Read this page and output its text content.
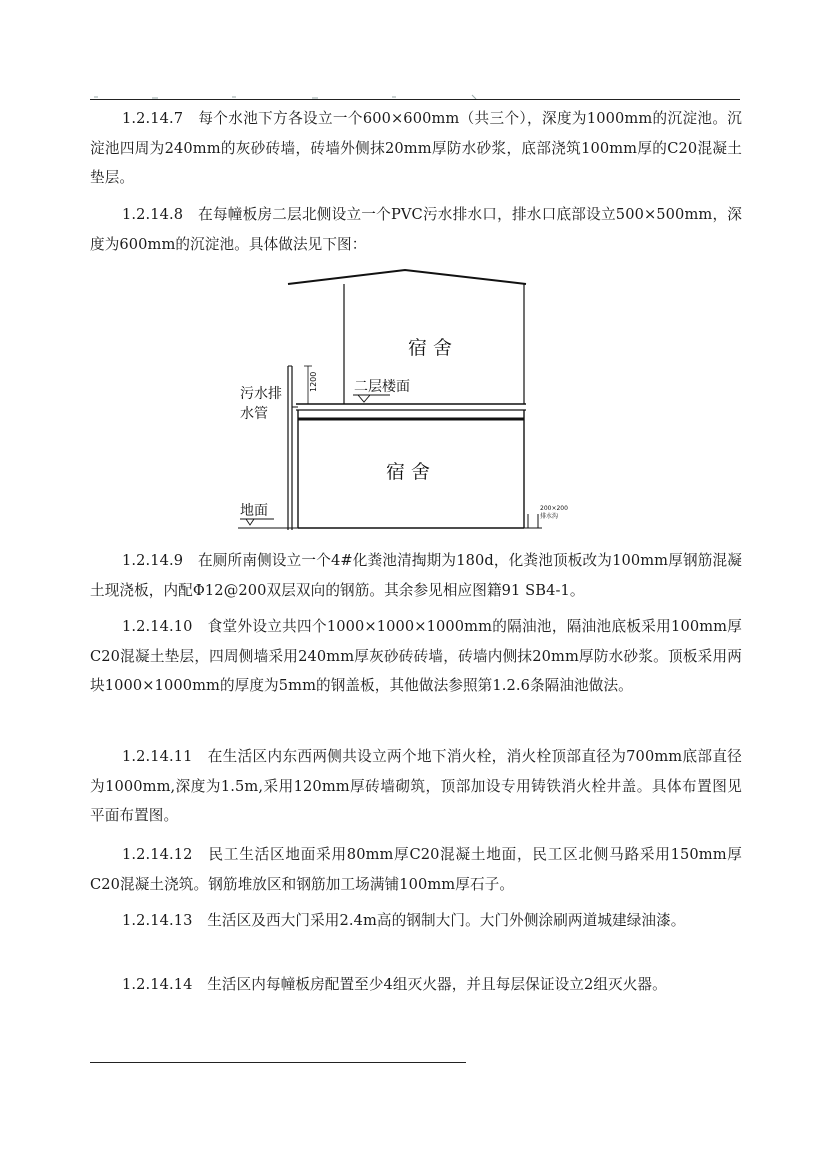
1.2.14.7　每个水池下方各设立一个600×600mm（共三个），深度为1000mm的沉淀池。沉淀池四周为240mm的灰砂砖墙，砖墙外侧抹20mm厚防水砂浆，底部浇筑100mm厚的C20混凝土垫层。

1.2.14.8　在每幢板房二层北侧设立一个PVC污水排水口，排水口底部设立500×500mm，深度为600mm的沉淀池。具体做法见下图：

1200
宿 舍
宿 舍
二层楼面
污水排
水管
地面	200×200
排水沟

1.2.14.9　在厕所南侧设立一个4#化粪池清掏期为180d，化粪池顶板改为100mm厚钢筋混凝土现浇板，内配Φ12@200双层双向的钢筋。其余参见相应图籍91 SB4-1。

1.2.14.10　食堂外设立共四个1000×1000×1000mm的隔油池，隔油池底板采用100mm厚C20混凝土垫层，四周侧墙采用240mm厚灰砂砖砖墙，砖墙内侧抹20mm厚防水砂浆。顶板采用两块1000×1000mm的厚度为5mm的钢盖板，其他做法参照第1.2.6条隔油池做法。

1.2.14.11　在生活区内东西两侧共设立两个地下消火栓，消火栓顶部直径为700mm底部直径为1000mm,深度为1.5m,采用120mm厚砖墙砌筑，顶部加设专用铸铁消火栓井盖。具体布置图见平面布置图。

1.2.14.12　民工生活区地面采用80mm厚C20混凝土地面，民工区北侧马路采用150mm厚C20混凝土浇筑。钢筋堆放区和钢筋加工场满铺100mm厚石子。

1.2.14.13　生活区及西大门采用2.4m高的钢制大门。大门外侧涂刷两道城建绿油漆。

1.2.14.14　生活区内每幢板房配置至少4组灭火器，并且每层保证设立2组灭火器。
